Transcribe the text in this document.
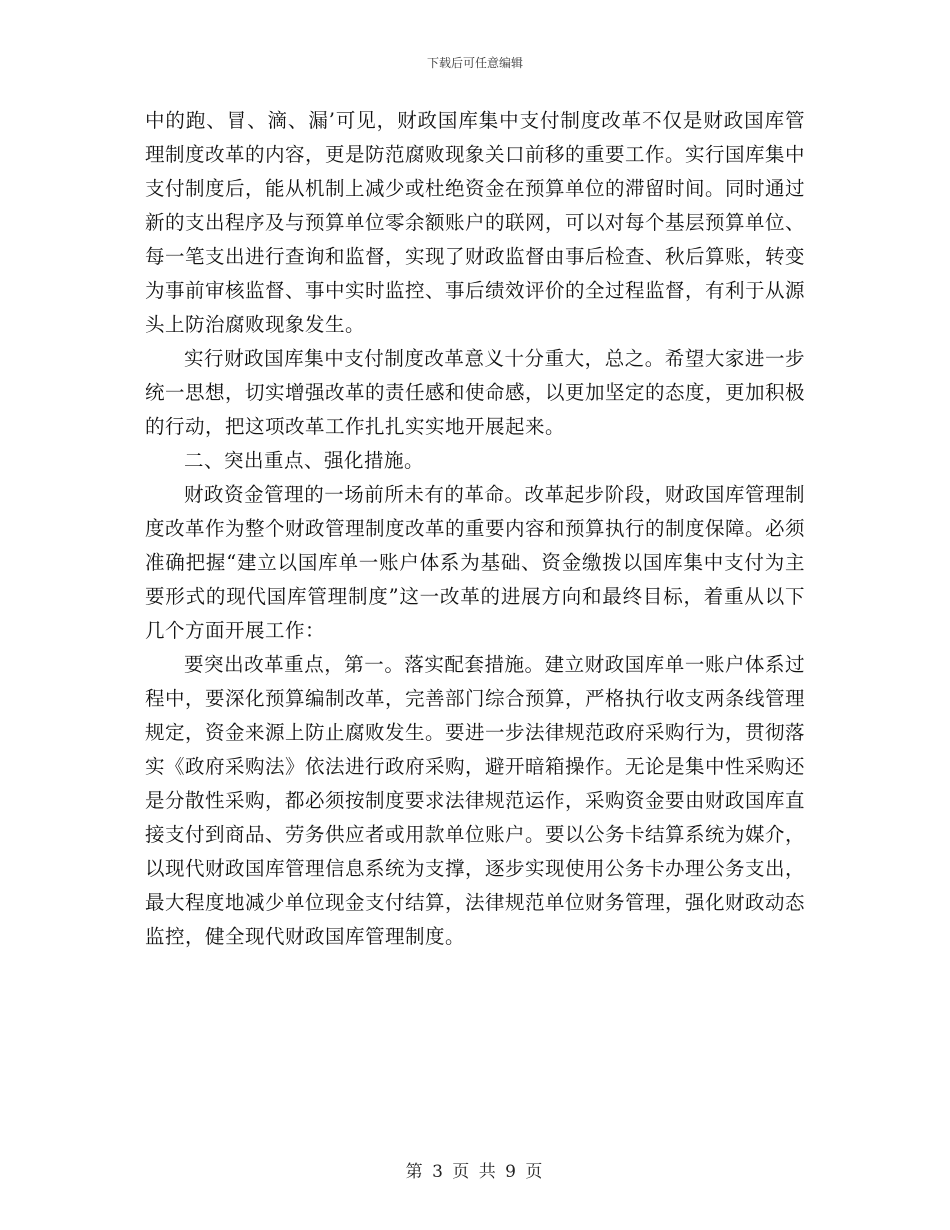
下载后可任意编辑

中的跑、冒、滴、漏’可见，财政国库集中支付制度改革不仅是财政国库管理制度改革的内容，更是防范腐败现象关口前移的重要工作。实行国库集中支付制度后，能从机制上减少或杜绝资金在预算单位的滞留时间。同时通过新的支出程序及与预算单位零余额账户的联网，可以对每个基层预算单位、每一笔支出进行查询和监督，实现了财政监督由事后检查、秋后算账，转变为事前审核监督、事中实时监控、事后绩效评价的全过程监督，有利于从源头上防治腐败现象发生。

实行财政国库集中支付制度改革意义十分重大，总之。希望大家进一步统一思想，切实增强改革的责任感和使命感，以更加坚定的态度，更加积极的行动，把这项改革工作扎扎实实地开展起来。

二、突出重点、强化措施。

财政资金管理的一场前所未有的革命。改革起步阶段，财政国库管理制度改革作为整个财政管理制度改革的重要内容和预算执行的制度保障。必须准确把握“建立以国库单一账户体系为基础、资金缴拨以国库集中支付为主要形式的现代国库管理制度”这一改革的进展方向和最终目标，着重从以下几个方面开展工作：

要突出改革重点，第一。落实配套措施。建立财政国库单一账户体系过程中，要深化预算编制改革，完善部门综合预算，严格执行收支两条线管理规定，资金来源上防止腐败发生。要进一步法律规范政府采购行为，贯彻落实《政府采购法》依法进行政府采购，避开暗箱操作。无论是集中性采购还是分散性采购，都必须按制度要求法律规范运作，采购资金要由财政国库直接支付到商品、劳务供应者或用款单位账户。要以公务卡结算系统为媒介，以现代财政国库管理信息系统为支撑，逐步实现使用公务卡办理公务支出，最大程度地减少单位现金支付结算，法律规范单位财务管理，强化财政动态监控，健全现代财政国库管理制度。

第 3 页 共 9 页
